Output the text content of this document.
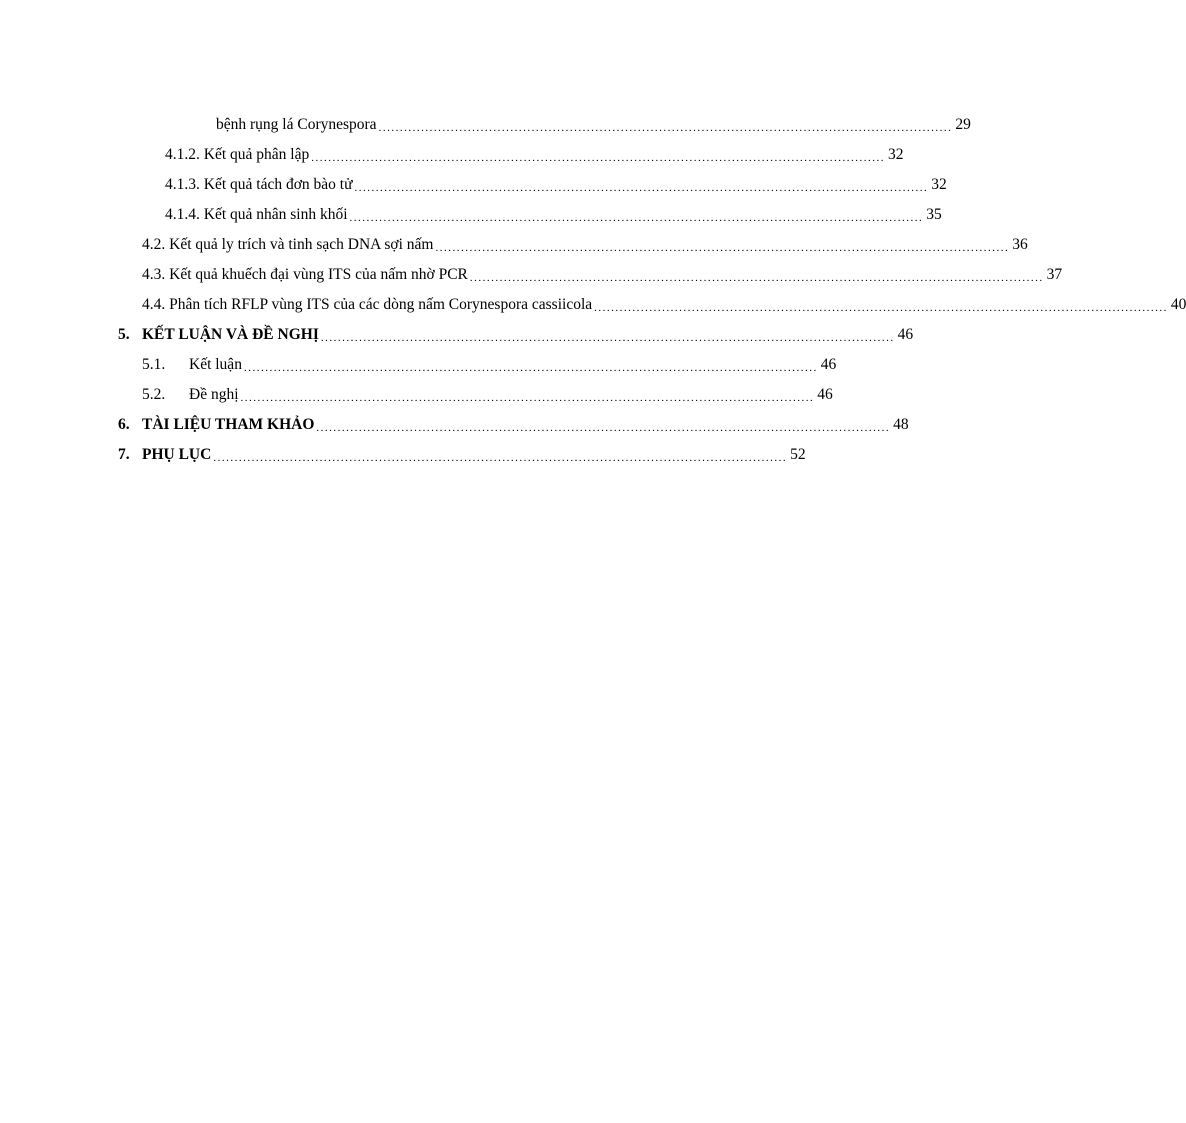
bệnh rụng lá Corynespora ....................................................................................................................................... 29
4.1.2. Kết quả phân lập ....................................................................................................................................... 32
4.1.3. Kết quả tách đơn bào tử ....................................................................................................................................... 32
4.1.4. Kết quả nhân sinh khối ....................................................................................................................................... 35
4.2. Kết quả ly trích và tinh sạch DNA sợi nấm ....................................................................................................................................... 36
4.3. Kết quả khuếch đại vùng ITS của nấm nhờ PCR ....................................................................................................................................... 37
4.4. Phân tích RFLP vùng ITS của các dòng nấm Corynespora cassiicola ....................................................................................................................................... 40
5. KẾT LUẬN VÀ ĐỀ NGHỊ ....................................................................................................................................... 46
5.1.	Kết luận ....................................................................................................................................... 46
5.2.	Đề nghị ....................................................................................................................................... 46
6. TÀI LIỆU THAM KHẢO ....................................................................................................................................... 48
7. PHỤ LỤC ....................................................................................................................................... 52
